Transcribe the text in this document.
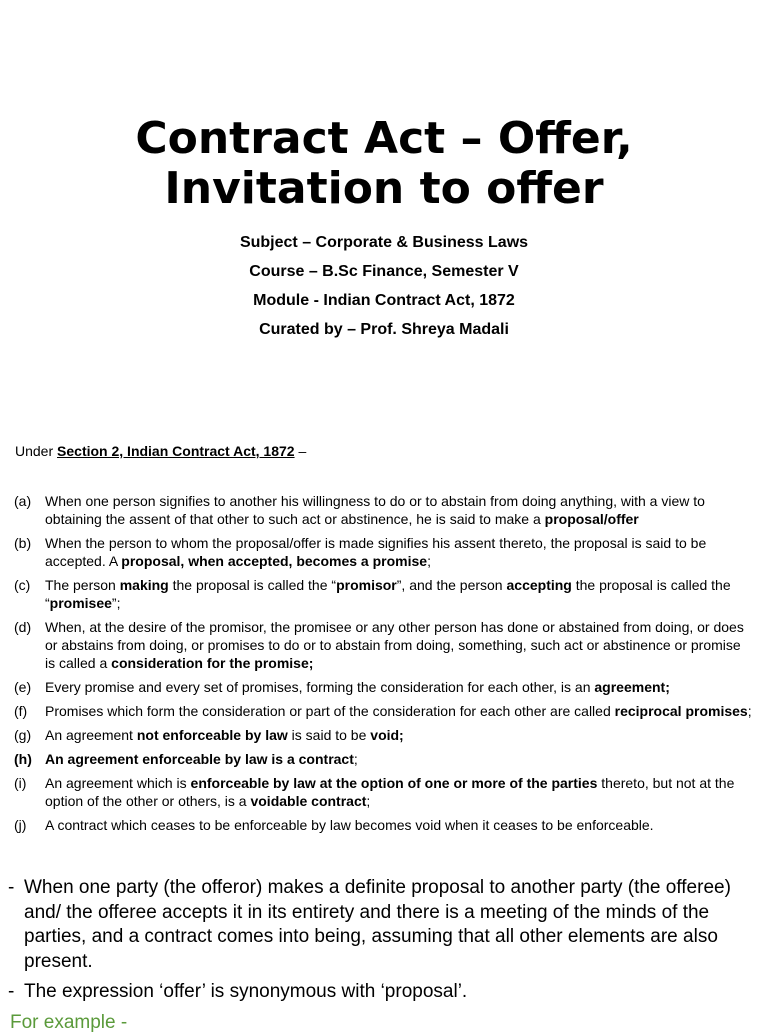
Contract Act – Offer,
Invitation to offer
Subject – Corporate & Business Laws
Course – B.Sc Finance, Semester V
Module - Indian Contract Act, 1872
Curated by – Prof. Shreya Madali
Under Section 2, Indian Contract Act, 1872 –
(a) When one person signifies to another his willingness to do or to abstain from doing anything, with a view to obtaining the assent of that other to such act or abstinence, he is said to make a proposal/offer
(b) When the person to whom the proposal/offer is made signifies his assent thereto, the proposal is said to be accepted. A proposal, when accepted, becomes a promise;
(c)	The person making the proposal is called the “promisor”, and the person accepting the proposal is called the “promisee”;
(d) When, at the desire of the promisor, the promisee or any other person has done or abstained from doing, or does or abstains from doing, or promises to do or to abstain from doing, something, such act or abstinence or promise is called a consideration for the promise;
(e) Every promise and every set of promises, forming the consideration for each other, is an agreement;
(f)	Promises which form the consideration or part of the consideration for each other are called reciprocal promises;
(g) An agreement not enforceable by law is said to be void;
(h) An agreement enforceable by law is a contract;
(i)	An agreement which is enforceable by law at the option of one or more of the parties thereto, but not at the option of the other or others, is a voidable contract;
(j)	A contract which ceases to be enforceable by law becomes void when it ceases to be enforceable.
- When one party (the offeror) makes a definite proposal to another party (the offeree) and/ the offeree accepts it in its entirety and there is a meeting of the minds of the parties, and a contract comes into being, assuming that all other elements are also present.
- The expression ‘offer’ is synonymous with ‘proposal’.
For example -
